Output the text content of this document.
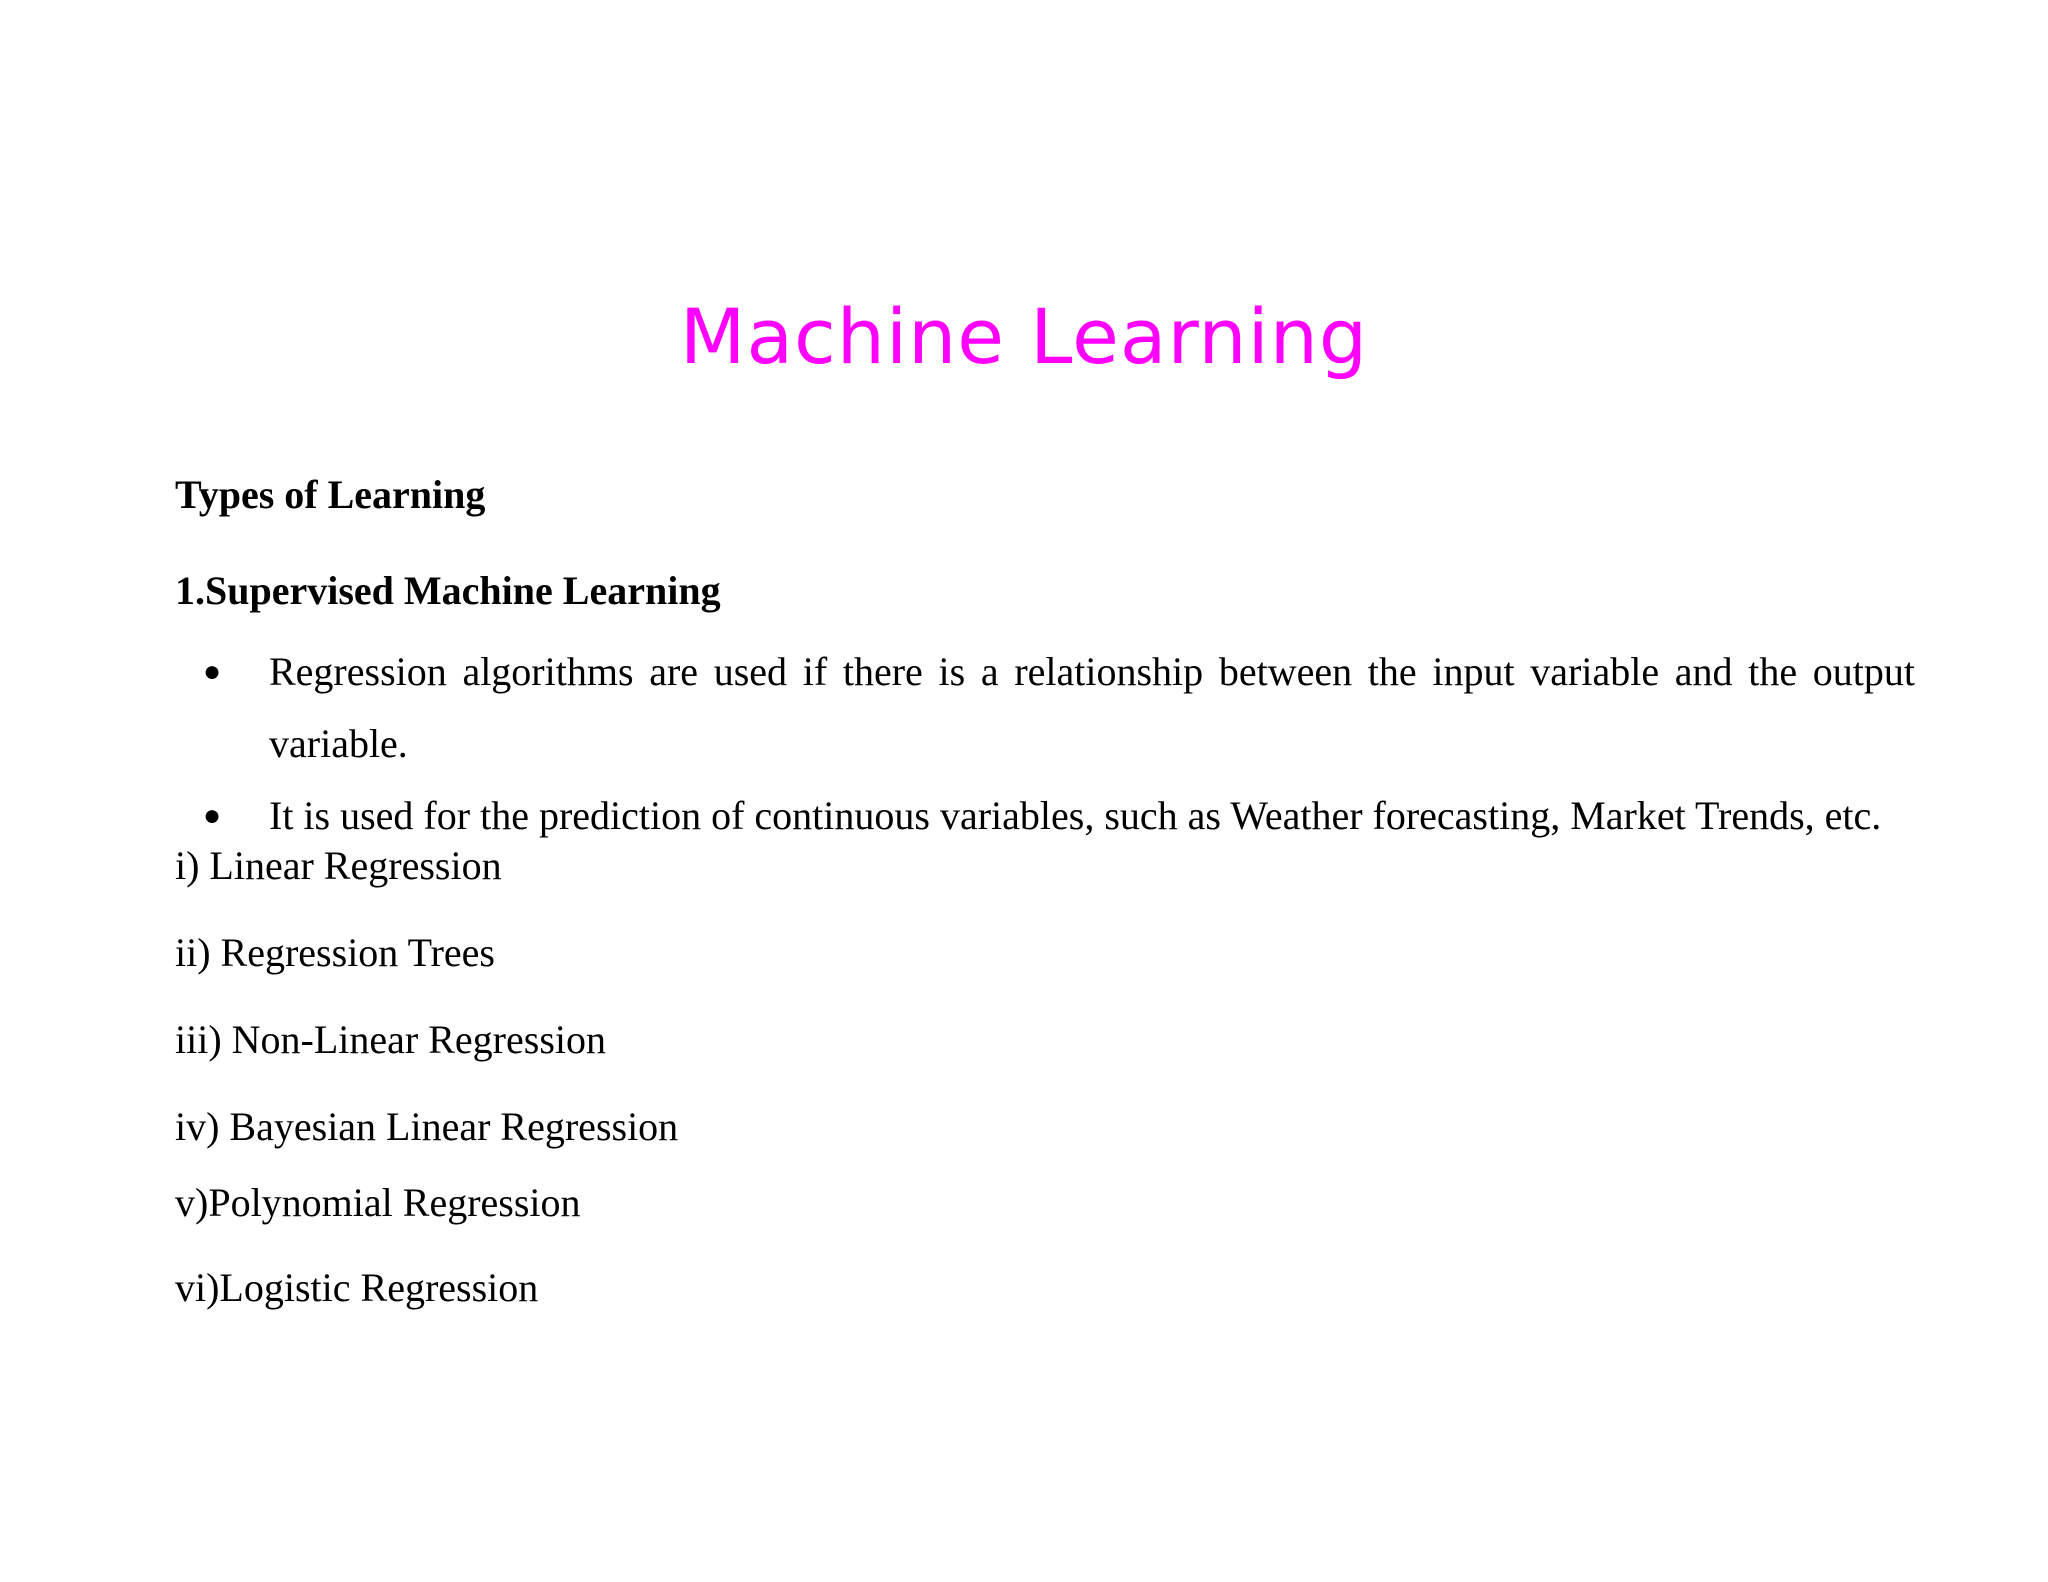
Machine Learning
Types of Learning
1.Supervised Machine Learning
● Regression algorithms are used if there is a relationship between the input variable and the output variable.
● It is used for the prediction of continuous variables, such as Weather forecasting, Market Trends, etc.

i) Linear Regression

ii) Regression Trees

iii) Non-Linear Regression

iv) Bayesian Linear Regression

v)Polynomial Regression

vi)Logistic Regression
